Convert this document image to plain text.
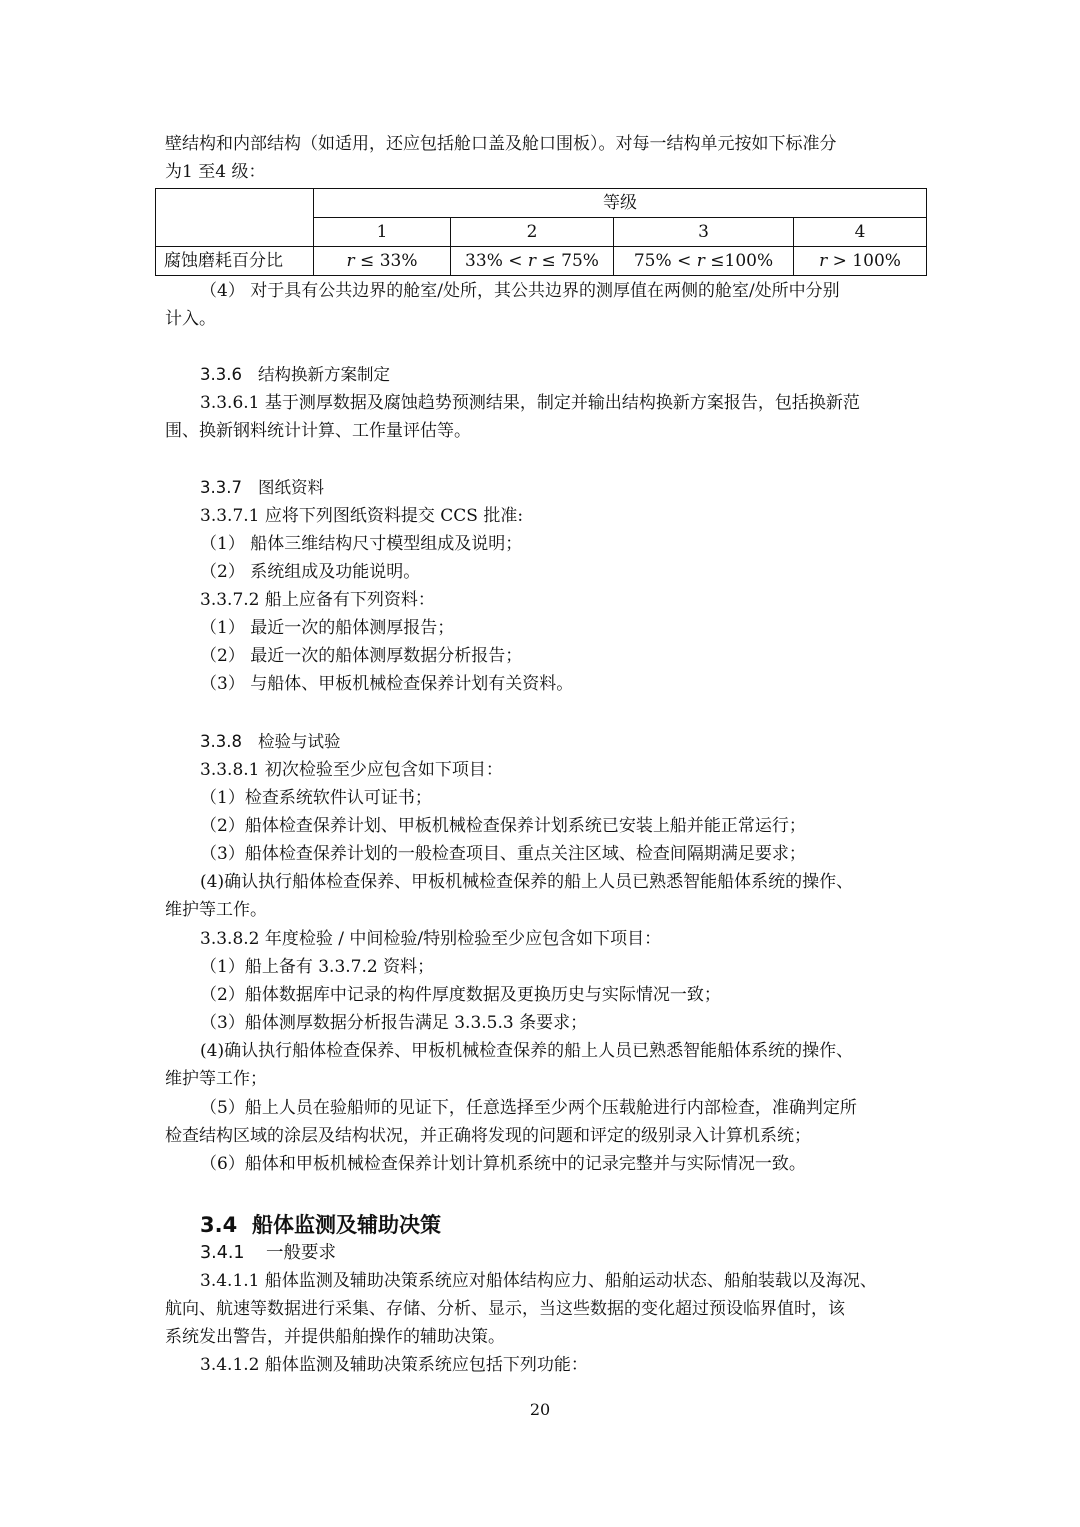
壁结构和内部结构（如适用，还应包括舱口盖及舱口围板）。对每一结构单元按如下标准分
为1 至4 级：
	等级			
	1	2	3	4
腐蚀磨耗百分比	r ≤ 33%	33% < r ≤ 75%	75% < r ≤100%	r > 100%
（4） 对于具有公共边界的舱室/处所，其公共边界的测厚值在两侧的舱室/处所中分别
计入。
3.3.6 结构换新方案制定
3.3.6.1 基于测厚数据及腐蚀趋势预测结果，制定并输出结构换新方案报告，包括换新范
围、换新钢料统计计算、工作量评估等。
3.3.7 图纸资料
3.3.7.1 应将下列图纸资料提交 CCS 批准:
（1） 船体三维结构尺寸模型组成及说明；
（2） 系统组成及功能说明。
3.3.7.2 船上应备有下列资料：
（1） 最近一次的船体测厚报告；
（2） 最近一次的船体测厚数据分析报告；
（3） 与船体、甲板机械检查保养计划有关资料。
3.3.8 检验与试验
3.3.8.1 初次检验至少应包含如下项目：
（1）检查系统软件认可证书；
（2）船体检查保养计划、甲板机械检查保养计划系统已安装上船并能正常运行；
（3）船体检查保养计划的一般检查项目、重点关注区域、检查间隔期满足要求；
(4)确认执行船体检查保养、甲板机械检查保养的船上人员已熟悉智能船体系统的操作、
维护等工作。
3.3.8.2 年度检验 / 中间检验/特别检验至少应包含如下项目：
（1）船上备有 3.3.7.2 资料；
（2）船体数据库中记录的构件厚度数据及更换历史与实际情况一致；
（3）船体测厚数据分析报告满足 3.3.5.3 条要求；
(4)确认执行船体检查保养、甲板机械检查保养的船上人员已熟悉智能船体系统的操作、
维护等工作；
（5）船上人员在验船师的见证下，任意选择至少两个压载舱进行内部检查，准确判定所
检查结构区域的涂层及结构状况，并正确将发现的问题和评定的级别录入计算机系统；
（6）船体和甲板机械检查保养计划计算机系统中的记录完整并与实际情况一致。
3.4 船体监测及辅助决策
3.4.1 一般要求
3.4.1.1 船体监测及辅助决策系统应对船体结构应力、船舶运动状态、船舶装载以及海况、
航向、航速等数据进行采集、存储、分析、显示，当这些数据的变化超过预设临界值时，该
系统发出警告，并提供船舶操作的辅助决策。
3.4.1.2 船体监测及辅助决策系统应包括下列功能：
20
